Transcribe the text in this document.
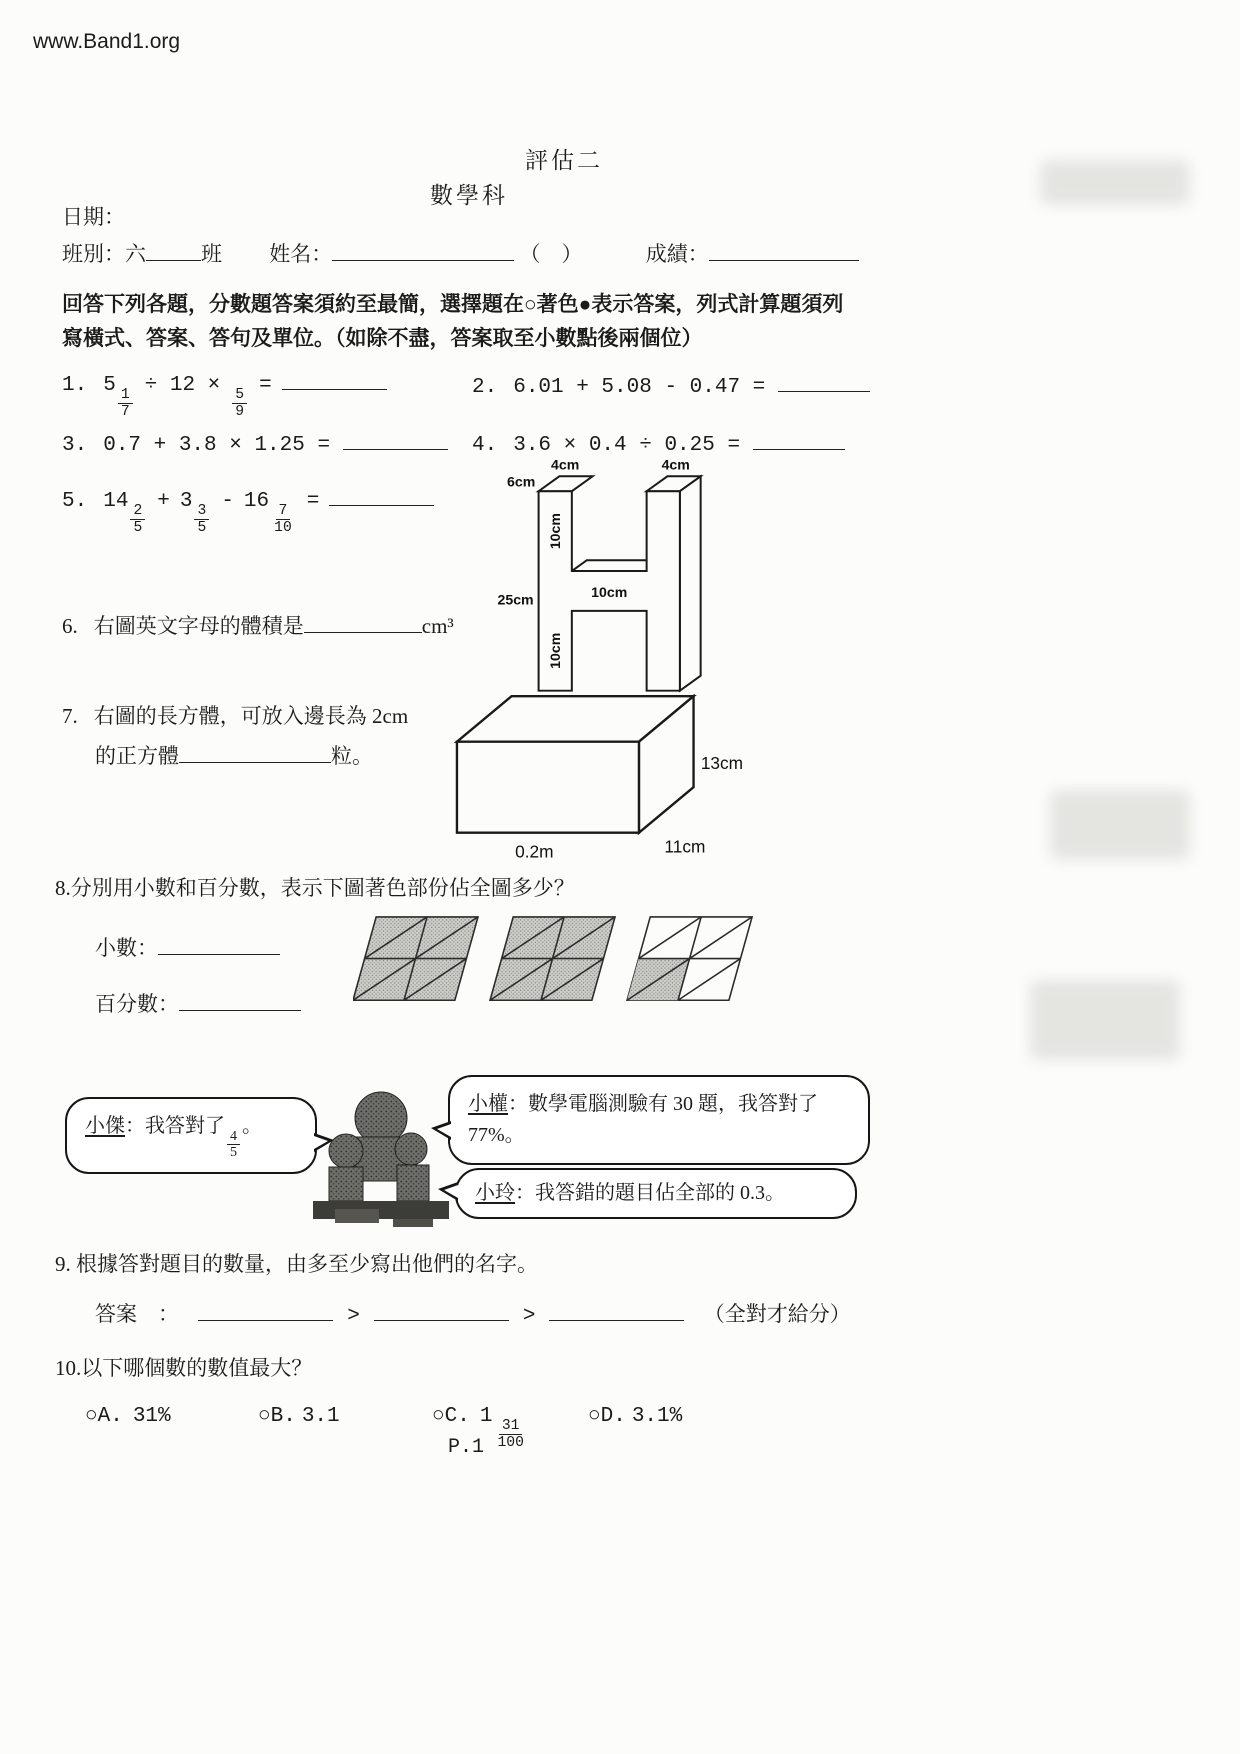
www.Band1.org
評估二
數學科
日期：
班別：六	班 姓名：	（　）	成績：
回答下列各題，分數題答案須約至最簡，選擇題在○著色●表示答案，列式計算題須列
寫橫式、答案、答句及單位。（如除不盡，答案取至小數點後兩個位）
1. 5
$\frac{1}{7}$
÷ 12 ×
$\frac{5}{9}$
=	2. 6.01 + 5.08 - 0.47 =
3. 0.7 + 3.8 × 1.25 =	4. 3.6 × 0.4 ÷ 0.25 =
5. 14
$\frac{2}{5}$
+ 3
$\frac{3}{5}$
- 16
$\frac{7}{10}$
=
4cm
6cm
4cm
10cm
10cm
25cm
10cm
6. 右圖英文字母的體積是	cm³
7. 右圖的長方體，可放入邊長為 2cm
的正方體	粒。	13cm
11cm
0.2m
8.分別用小數和百分數，表示下圖著色部份佔全圖多少？
小數：
百分數：
小傑：我答對了
$\frac{4}{5}$
。
小權：數學電腦測驗有 30 題，我答對了
77%。
小玲：我答錯的題目佔全部的 0.3。
9. 根據答對題目的數量，由多至少寫出他們的名字。
答案　：	>	>	（全對才給分）
10.以下哪個數的數值最大？
○A. 31%	○B. 3.1	○C. 1
$\frac{31}{100}$
○D. 3.1%
P.1
